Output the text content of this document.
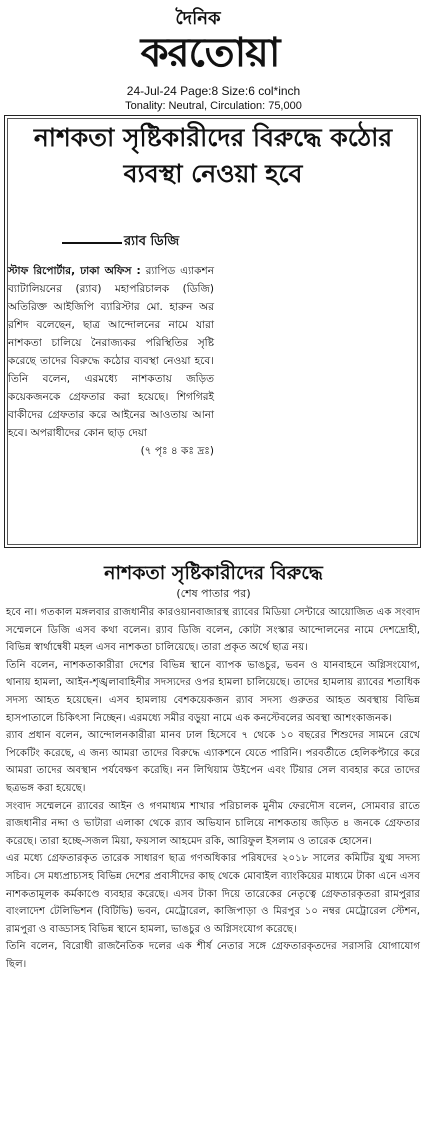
দৈনিক
করতোয়া
24-Jul-24 Page:8 Size:6 col*inch
Tonality: Neutral, Circulation: 75,000
নাশকতা সৃষ্টিকারীদের বিরুদ্ধে কঠোর ব্যবস্থা নেওয়া হবে
র‍্যাব ডিজি
স্টাফ রিপোর্টার, ঢাকা অফিস : র‍্যাপিড এ্যাকশন ব্যাটালিয়নের (র‍্যাব) মহাপরিচালক (ডিজি) অতিরিক্ত আইজিপি ব্যারিস্টার মো. হারুন অর রশিদ বলেছেন, ছাত্র আন্দোলনের নামে যারা নাশকতা চালিয়ে নৈরাজ্যকর পরিস্থিতির সৃষ্টি করেছে তাদের বিরুদ্ধে কঠোর ব্যবস্থা নেওয়া হবে। তিনি বলেন, এরমধ্যে নাশকতায় জড়িত কয়েকজনকে গ্রেফতার করা হয়েছে। শিগগিরই বাকীদের গ্রেফতার করে আইনের আওতায় আনা হবে। অপরাধীদের কোন ছাড় দেয়া
(৭ পৃঃ ৪ কঃ দ্রঃ)
নাশকতা সৃষ্টিকারীদের বিরুদ্ধে
(শেষ পাতার পর)

হবে না। গতকাল মঙ্গলবার রাজধানীর কারওয়ানবাজারস্থ র‍্যাবের মিডিয়া সেন্টারে আয়োজিত এক সংবাদ সম্মেলনে ডিজি এসব কথা বলেন। র‍্যাব ডিজি বলেন, কোটা সংস্কার আন্দোলনের নামে দেশদ্রোহী, বিভিন্ন স্বার্থান্বেষী মহল এসব নাশকতা চালিয়েছে। তারা প্রকৃত অর্থে ছাত্র নয়।

তিনি বলেন, নাশকতাকারীরা দেশের বিভিন্ন স্থানে ব্যাপক ভাঙচুর, ভবন ও যানবাহনে অগ্নিসংযোগ, থানায় হামলা, আইন-শৃঙ্খলাবাহিনীর সদস্যদের ওপর হামলা চালিয়েছে। তাদের হামলায় র‍্যাবের শতাধিক সদস্য আহত হয়েছেন। এসব হামলায় বেশকয়েকজন র‍্যাব সদস্য গুরুতর আহত অবস্থায় বিভিন্ন হাসপাতালে চিকিৎসা নিচ্ছেন। এরমধ্যে সমীর বড়ুয়া নামে এক কনস্টেবলের অবস্থা আশংকাজনক।

র‍্যাব প্রধান বলেন, আন্দোলনকারীরা মানব ঢাল হিসেবে ৭ থেকে ১০ বছরের শিশুদের সামনে রেখে পিকেটিং করেছে, এ জন্য আমরা তাদের বিরুদ্ধে এ্যাকশনে যেতে পারিনি। পরবর্তীতে হেলিকপ্টারে করে আমরা তাদের অবস্থান পর্যবেক্ষণ করেছি। নন লিথিয়াম উইপেন এবং টিয়ার সেল ব্যবহার করে তাদের ছত্রভঙ্গ করা হয়েছে।

সংবাদ সম্মেলনে র‍্যাবের আইন ও গণমাধ্যম শাখার পরিচালক মুনীম ফেরদৌস বলেন, সোমবার রাতে রাজধানীর নদ্দা ও ভাটারা এলাকা থেকে র‍্যাব অভিযান চালিয়ে নাশকতায় জড়িত ৪ জনকে গ্রেফতার করেছে। তারা হচ্ছে-সজল মিয়া, ফয়সাল আহমেদ রকি, আরিফুল ইসলাম ও তারেক হোসেন।

এর মধ্যে গ্রেফতারকৃত তারেক সাধারণ ছাত্র গণঅধিকার পরিষদের ২০১৮ সালের কমিটির যুগ্ম সদস্য সচিব। সে মধ্যপ্রাচ্যসহ বিভিন্ন দেশের প্রবাসীদের কাছ থেকে মোবাইল ব্যাংকিয়ের মাধ্যমে টাকা এনে এসব নাশকতামূলক কর্মকাণ্ডে ব্যবহার করেছে। এসব টাকা দিয়ে তারেকের নেতৃত্বে গ্রেফতারকৃতরা রামপুরার বাংলাদেশ টেলিভিশন (বিটিভি) ভবন, মেট্রোরেল, কাজিপাড়া ও মিরপুর ১০ নম্বর মেট্রোরেল স্টেশন, রামপুরা ও বাড্ডাসহ বিভিন্ন স্থানে হামলা, ভাঙচুর ও অগ্নিসংযোগ করেছে।

তিনি বলেন, বিরোধী রাজনৈতিক দলের এক শীর্ষ নেতার সঙ্গে গ্রেফতারকৃতদের সরাসরি যোগাযোগ ছিল।
